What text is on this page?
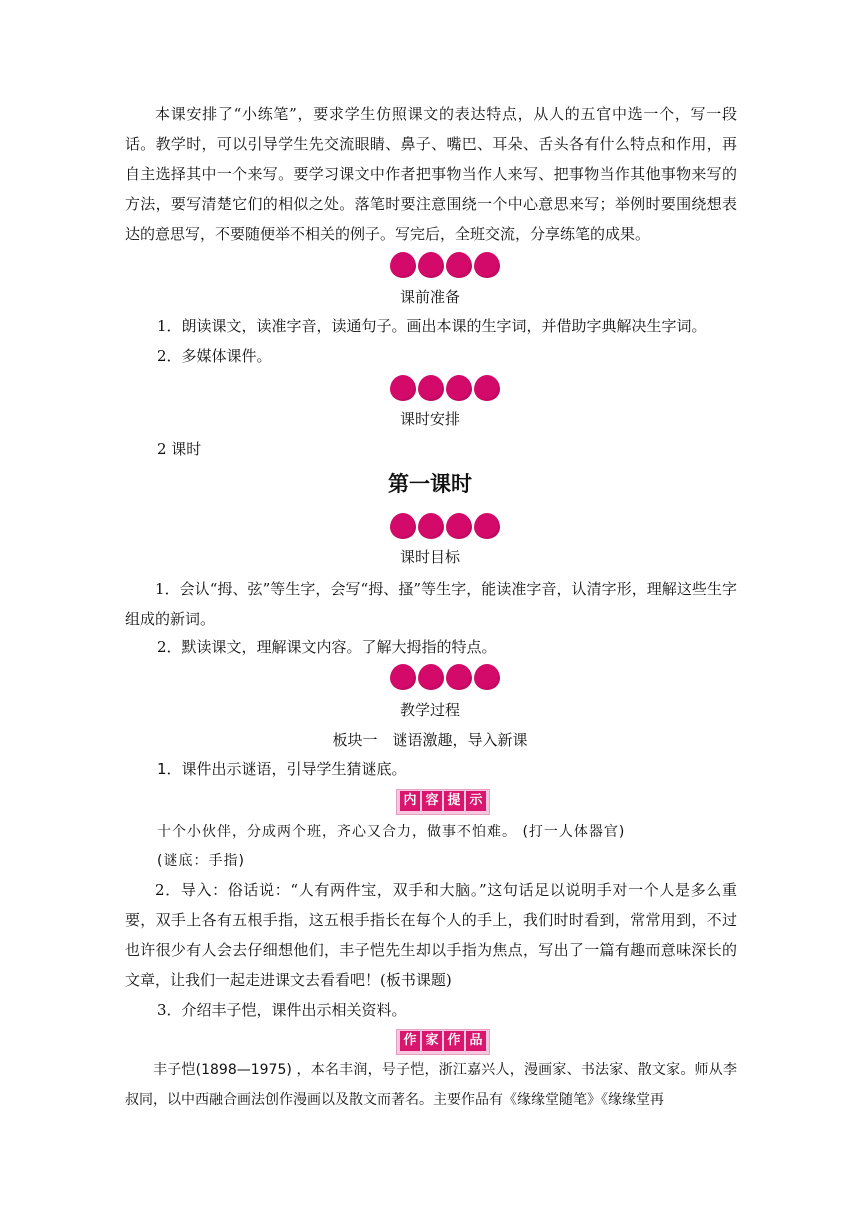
本课安排了“小练笔”，要求学生仿照课文的表达特点，从人的五官中选一个，写一段话。教学时，可以引导学生先交流眼睛、鼻子、嘴巴、耳朵、舌头各有什么特点和作用，再自主选择其中一个来写。要学习课文中作者把事物当作人来写、把事物当作其他事物来写的方法，要写清楚它们的相似之处。落笔时要注意围绕一个中心意思来写；举例时要围绕想表达的意思写，不要随便举不相关的例子。写完后，全班交流，分享练笔的成果。

课前准备

1．朗读课文，读准字音，读通句子。画出本课的生字词，并借助字典解决生字词。

2．多媒体课件。

课时安排

2 课时

第一课时

课时目标

1．会认“拇、弦”等生字，会写“拇、搔”等生字，能读准字音，认清字形，理解这些生字组成的新词。

2．默读课文，理解课文内容。了解大拇指的特点。

教学过程

板块一　谜语激趣，导入新课

1．课件出示谜语，引导学生猜谜底。

内 容 提 示

十个小伙伴，分成两个班，齐心又合力，做事不怕难。 (打一人体器官)

(谜底：手指)

2．导入：俗话说：“人有两件宝，双手和大脑。”这句话足以说明手对一个人是多么重要，双手上各有五根手指，这五根手指长在每个人的手上，我们时时看到，常常用到，不过也许很少有人会去仔细想他们，丰子恺先生却以手指为焦点，写出了一篇有趣而意味深长的文章，让我们一起走进课文去看看吧！(板书课题)

3．介绍丰子恺，课件出示相关资料。

作 家 作 品

丰子恺(1898—1975) ，本名丰润，号子恺，浙江嘉兴人，漫画家、书法家、散文家。师从李叔同，以中西融合画法创作漫画以及散文而著名。主要作品有《缘缘堂随笔》《缘缘堂再
